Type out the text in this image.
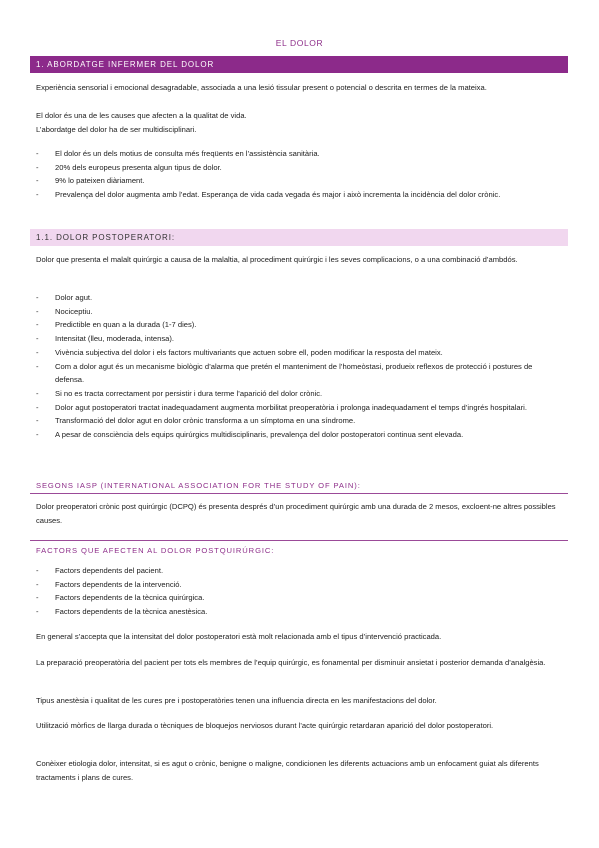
EL DOLOR
1. ABORDATGE INFERMER DEL DOLOR
Experiència sensorial i emocional desagradable, associada a una lesió tissular present o potencial o descrita en termes de la mateixa.
El dolor és una de les causes que afecten a la qualitat de vida.
L’abordatge del dolor ha de ser multidisciplinari.
- El dolor és un dels motius de consulta més freqüents en l’assistència sanitària.
- 20% dels europeus presenta algun tipus de dolor.
- 9% lo pateixen diàriament.
- Prevalença del dolor augmenta amb l’edat. Esperança de vida cada vegada és major i això incrementa la incidència del dolor crònic.
1.1. DOLOR POSTOPERATORI:
Dolor que presenta el malalt quirúrgic a causa de la malaltia, al procediment quirúrgic i les seves complicacions, o a una combinació d’ambdós.
- Dolor agut.
- Nociceptiu.
- Predictible en quan a la durada (1-7 dies).
- Intensitat (lleu, moderada, intensa).
- Vivència subjectiva del dolor i els factors multivariants que actuen sobre ell, poden modificar la resposta del mateix.
- Com a dolor agut és un mecanisme biològic d’alarma que pretén el manteniment de l’homeòstasi, produeix reflexos de protecció i postures de defensa.
- Si no es tracta correctament por persistir i dura terme l’aparició del dolor crònic.
- Dolor agut postoperatori tractat inadequadament augmenta morbilitat preoperatòria i prolonga inadequadament el temps d’ingrés hospitalari.
- Transformació del dolor agut en dolor crònic transforma a un símptoma en una síndrome.
- A pesar de consciència dels equips quirúrgics multidisciplinaris, prevalença del dolor postoperatori continua sent elevada.
SEGONS IASP (INTERNATIONAL ASSOCIATION FOR THE STUDY OF PAIN):
Dolor preoperatori crònic post quirúrgic (DCPQ) és presenta després d’un procediment quirúrgic amb una durada de 2 mesos, excloent-ne altres possibles causes.
FACTORS QUE AFECTEN AL DOLOR POSTQUIRÚRGIC:
- Factors dependents del pacient.
- Factors dependents de la intervenció.
- Factors dependents de la tècnica quirúrgica.
- Factors dependents de la tècnica anestèsica.
En general s’accepta que la intensitat del dolor postoperatori està molt relacionada amb el tipus d’intervenció practicada.
La preparació preoperatòria del pacient per tots els membres de l’equip quirúrgic, es fonamental per disminuir ansietat i posterior demanda d’analgèsia.
Tipus anestèsia i qualitat de les cures pre i postoperatòries tenen una influencia directa en les manifestacions del dolor.
Utilització mòrfics de llarga durada o tècniques de bloquejos nerviosos durant l’acte quirúrgic retardaran aparició del dolor postoperatori.
Conèixer etiologia dolor, intensitat, si es agut o crònic, benigne o maligne, condicionen les diferents actuacions amb un enfocament guiat als diferents tractaments i plans de cures.
